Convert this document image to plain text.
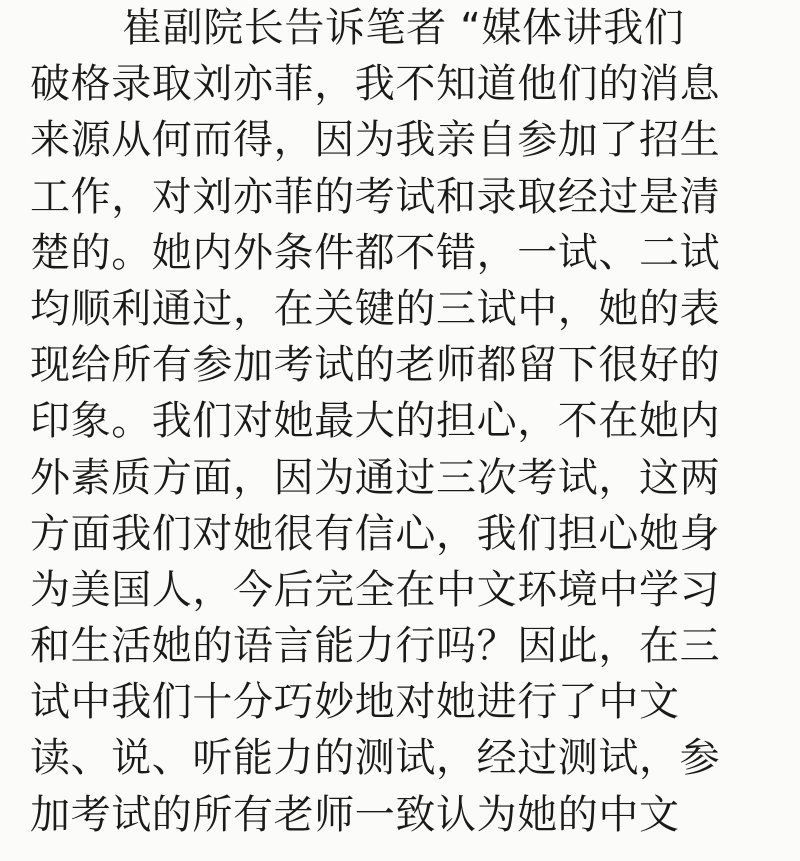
崔副院长告诉笔者 “媒体讲我们
破格录取刘亦菲，我不知道他们的消息
来源从何而得，因为我亲自参加了招生
工作，对刘亦菲的考试和录取经过是清
楚的。她内外条件都不错，一试、二试
均顺利通过，在关键的三试中，她的表
现给所有参加考试的老师都留下很好的
印象。我们对她最大的担心，不在她内
外素质方面，因为通过三次考试，这两
方面我们对她很有信心，我们担心她身
为美国人，今后完全在中文环境中学习
和生活她的语言能力行吗？因此，在三
试中我们十分巧妙地对她进行了中文
读、说、听能力的测试，经过测试，参
加考试的所有老师一致认为她的中文
